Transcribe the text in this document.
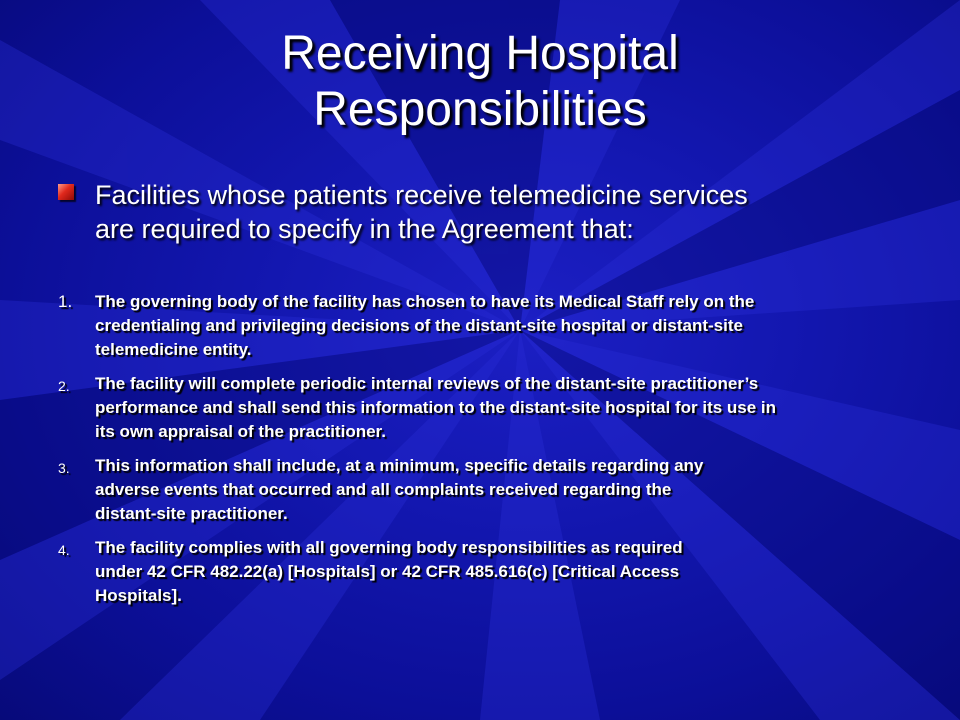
Receiving Hospital
Responsibilities
Facilities whose patients receive telemedicine services
are required to specify in the Agreement that:
1. The governing body of the facility has chosen to have its Medical Staff rely on the
credentialing and privileging decisions of the distant-site hospital or distant-site
telemedicine entity.
2. The facility will complete periodic internal reviews of the distant-site practitioner’s
performance and shall send this information to the distant-site hospital for its use in
its own appraisal of the practitioner.
3. This information shall include, at a minimum, specific details regarding any
adverse events that occurred and all complaints received regarding the
distant-site practitioner.
4. The facility complies with all governing body responsibilities as required
under 42 CFR 482.22(a) [Hospitals] or 42 CFR 485.616(c) [Critical Access
Hospitals].
